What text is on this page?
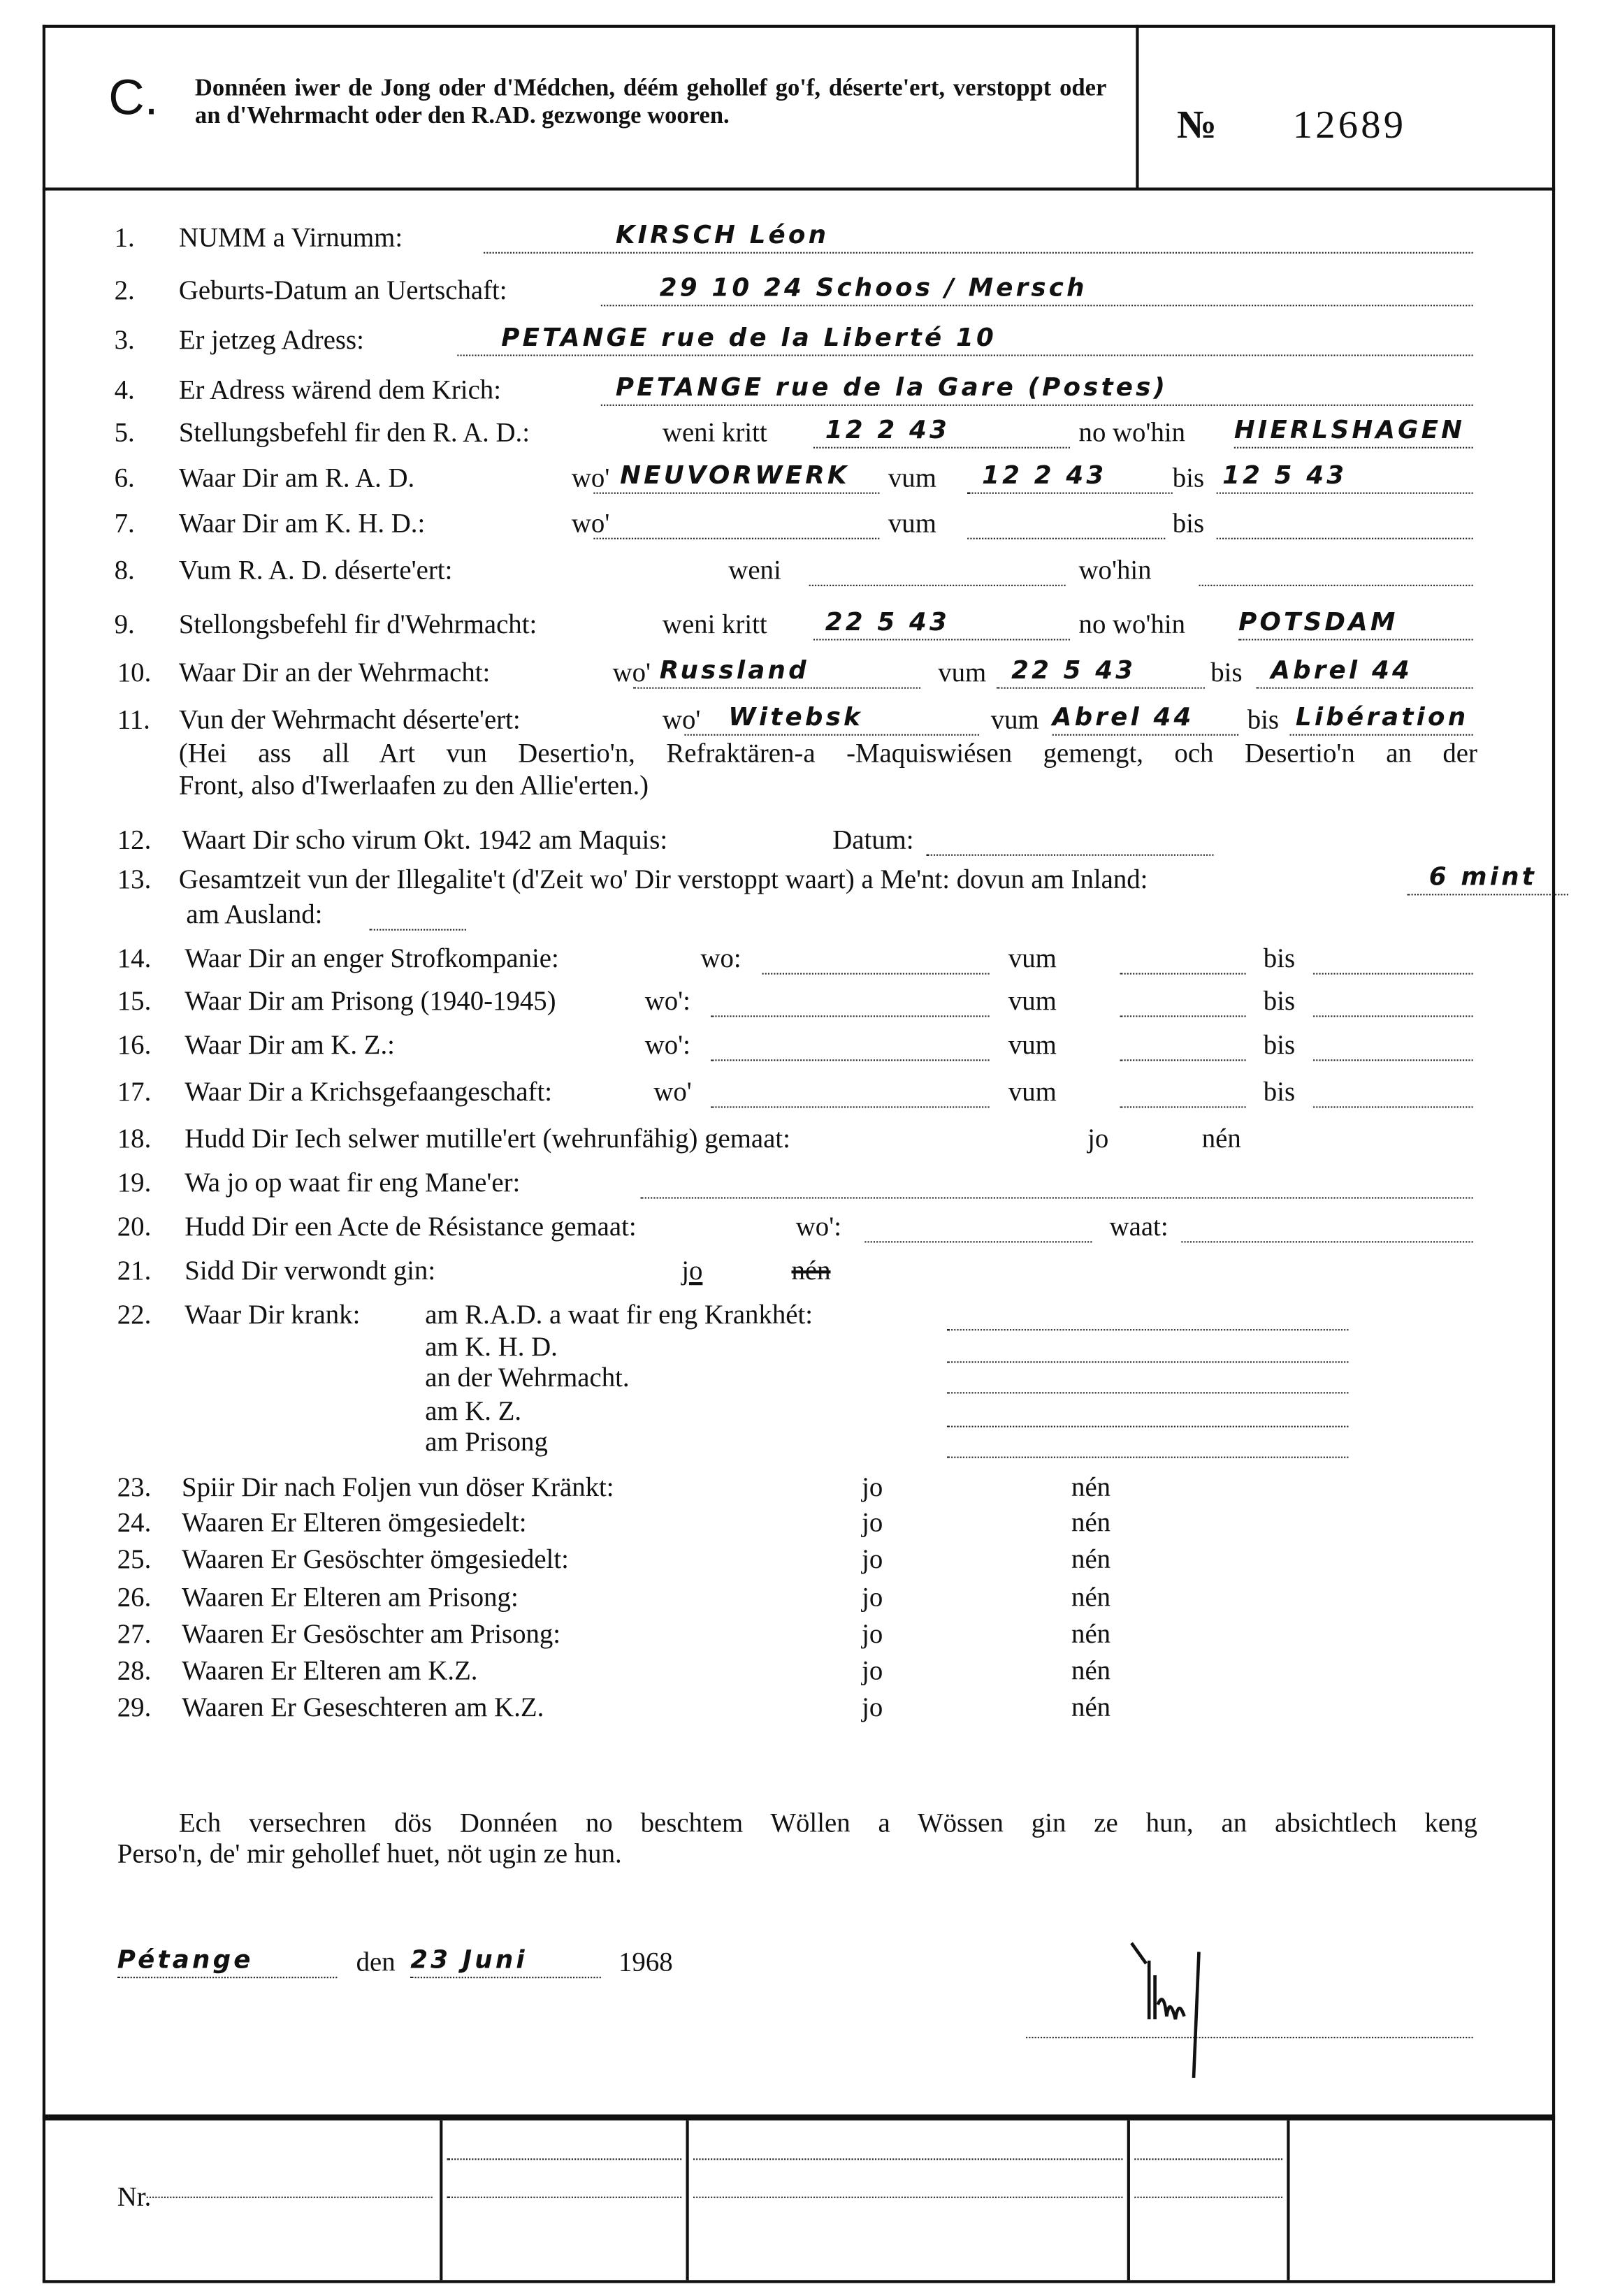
C.	Donnéen iwer de Jong oder d'Médchen, déém gehollef go'f, déserte'ert, verstoppt oder an d'Wehrmacht oder den R.AD. gezwonge wooren.	№	12689
1.	NUMM a Virnumm:	KIRSCH Léon
2.	Geburts-Datum an Uertschaft:	29 10 24 Schoos / Mersch
3.	Er jetzeg Adress:	PETANGE rue de la Liberté 10
4.	Er Adress wärend dem Krich:	PETANGE rue de la Gare (Postes)
5.	Stellungsbefehl fir den R. A. D.:	weni kritt	12 2 43	no wo'hin	HIERLSHAGEN
6.	Waar Dir am R. A. D.	wo' NEUVORWERK	vum	12 2 43	bis 12 5 43
7.	Waar Dir am K. H. D.:	wo'	vum	bis
8.	Vum R. A. D. déserte'ert:	weni	wo'hin
9.	Stellongsbefehl fir d'Wehrmacht:	weni kritt	22 5 43	no wo'hin	POTSDAM
10. Waar Dir an der Wehrmacht:	wo' Russland	vum 22 5 43	bis Abrel 44
11. Vun der Wehrmacht déserte'ert:	wo' Witebsk	vum Abrel 44	bis Libération
(Hei ass all Art vun Desertio'n, Refraktären-a -Maquiswiésen gemengt, och Desertio'n an der
Front, also d'Iwerlaafen zu den Allie'erten.)
12. Waart Dir scho virum Okt. 1942 am Maquis:	Datum:
13. Gesamtzeit vun der Illegalite't (d'Zeit wo' Dir verstoppt waart) a Me'nt: dovun am Inland:	6 mint
am Ausland:
14.	Waar Dir an enger Strofkompanie:	wo:	vum	bis
15.	Waar Dir am Prisong (1940-1945)	wo':	vum	bis
16.	Waar Dir am K. Z.:	wo':	vum	bis
17.	Waar Dir a Krichsgefaangeschaft:	wo'	vum	bis
18.	Hudd Dir Iech selwer mutille'ert (wehrunfähig) gemaat:	jo	nén
19.	Wa jo op waat fir eng Mane'er:
20.	Hudd Dir een Acte de Résistance gemaat:	wo':	waat:
21.	Sidd Dir verwondt gin:	jo	nén
22.	Waar Dir krank:	am R.A.D. a waat fir eng Krankhét:
am K. H. D.
an der Wehrmacht.
am K. Z.
am Prisong
23. Spiir Dir nach Foljen vun döser Kränkt:	jo	nén
24. Waaren Er Elteren ömgesiedelt:	jo	nén
25. Waaren Er Gesöschter ömgesiedelt:	jo	nén
26. Waaren Er Elteren am Prisong:	jo	nén
27. Waaren Er Gesöschter am Prisong:	jo	nén
28. Waaren Er Elteren am K.Z.	jo	nén
29. Waaren Er Geseschteren am K.Z.	jo	nén
Ech versechren dös Donnéen no beschtem Wöllen a Wössen gin ze hun, an absichtlech keng
Perso'n, de' mir gehollef huet, nöt ugin ze hun.
Pétange	den 23 Juni	1968
Nr.
